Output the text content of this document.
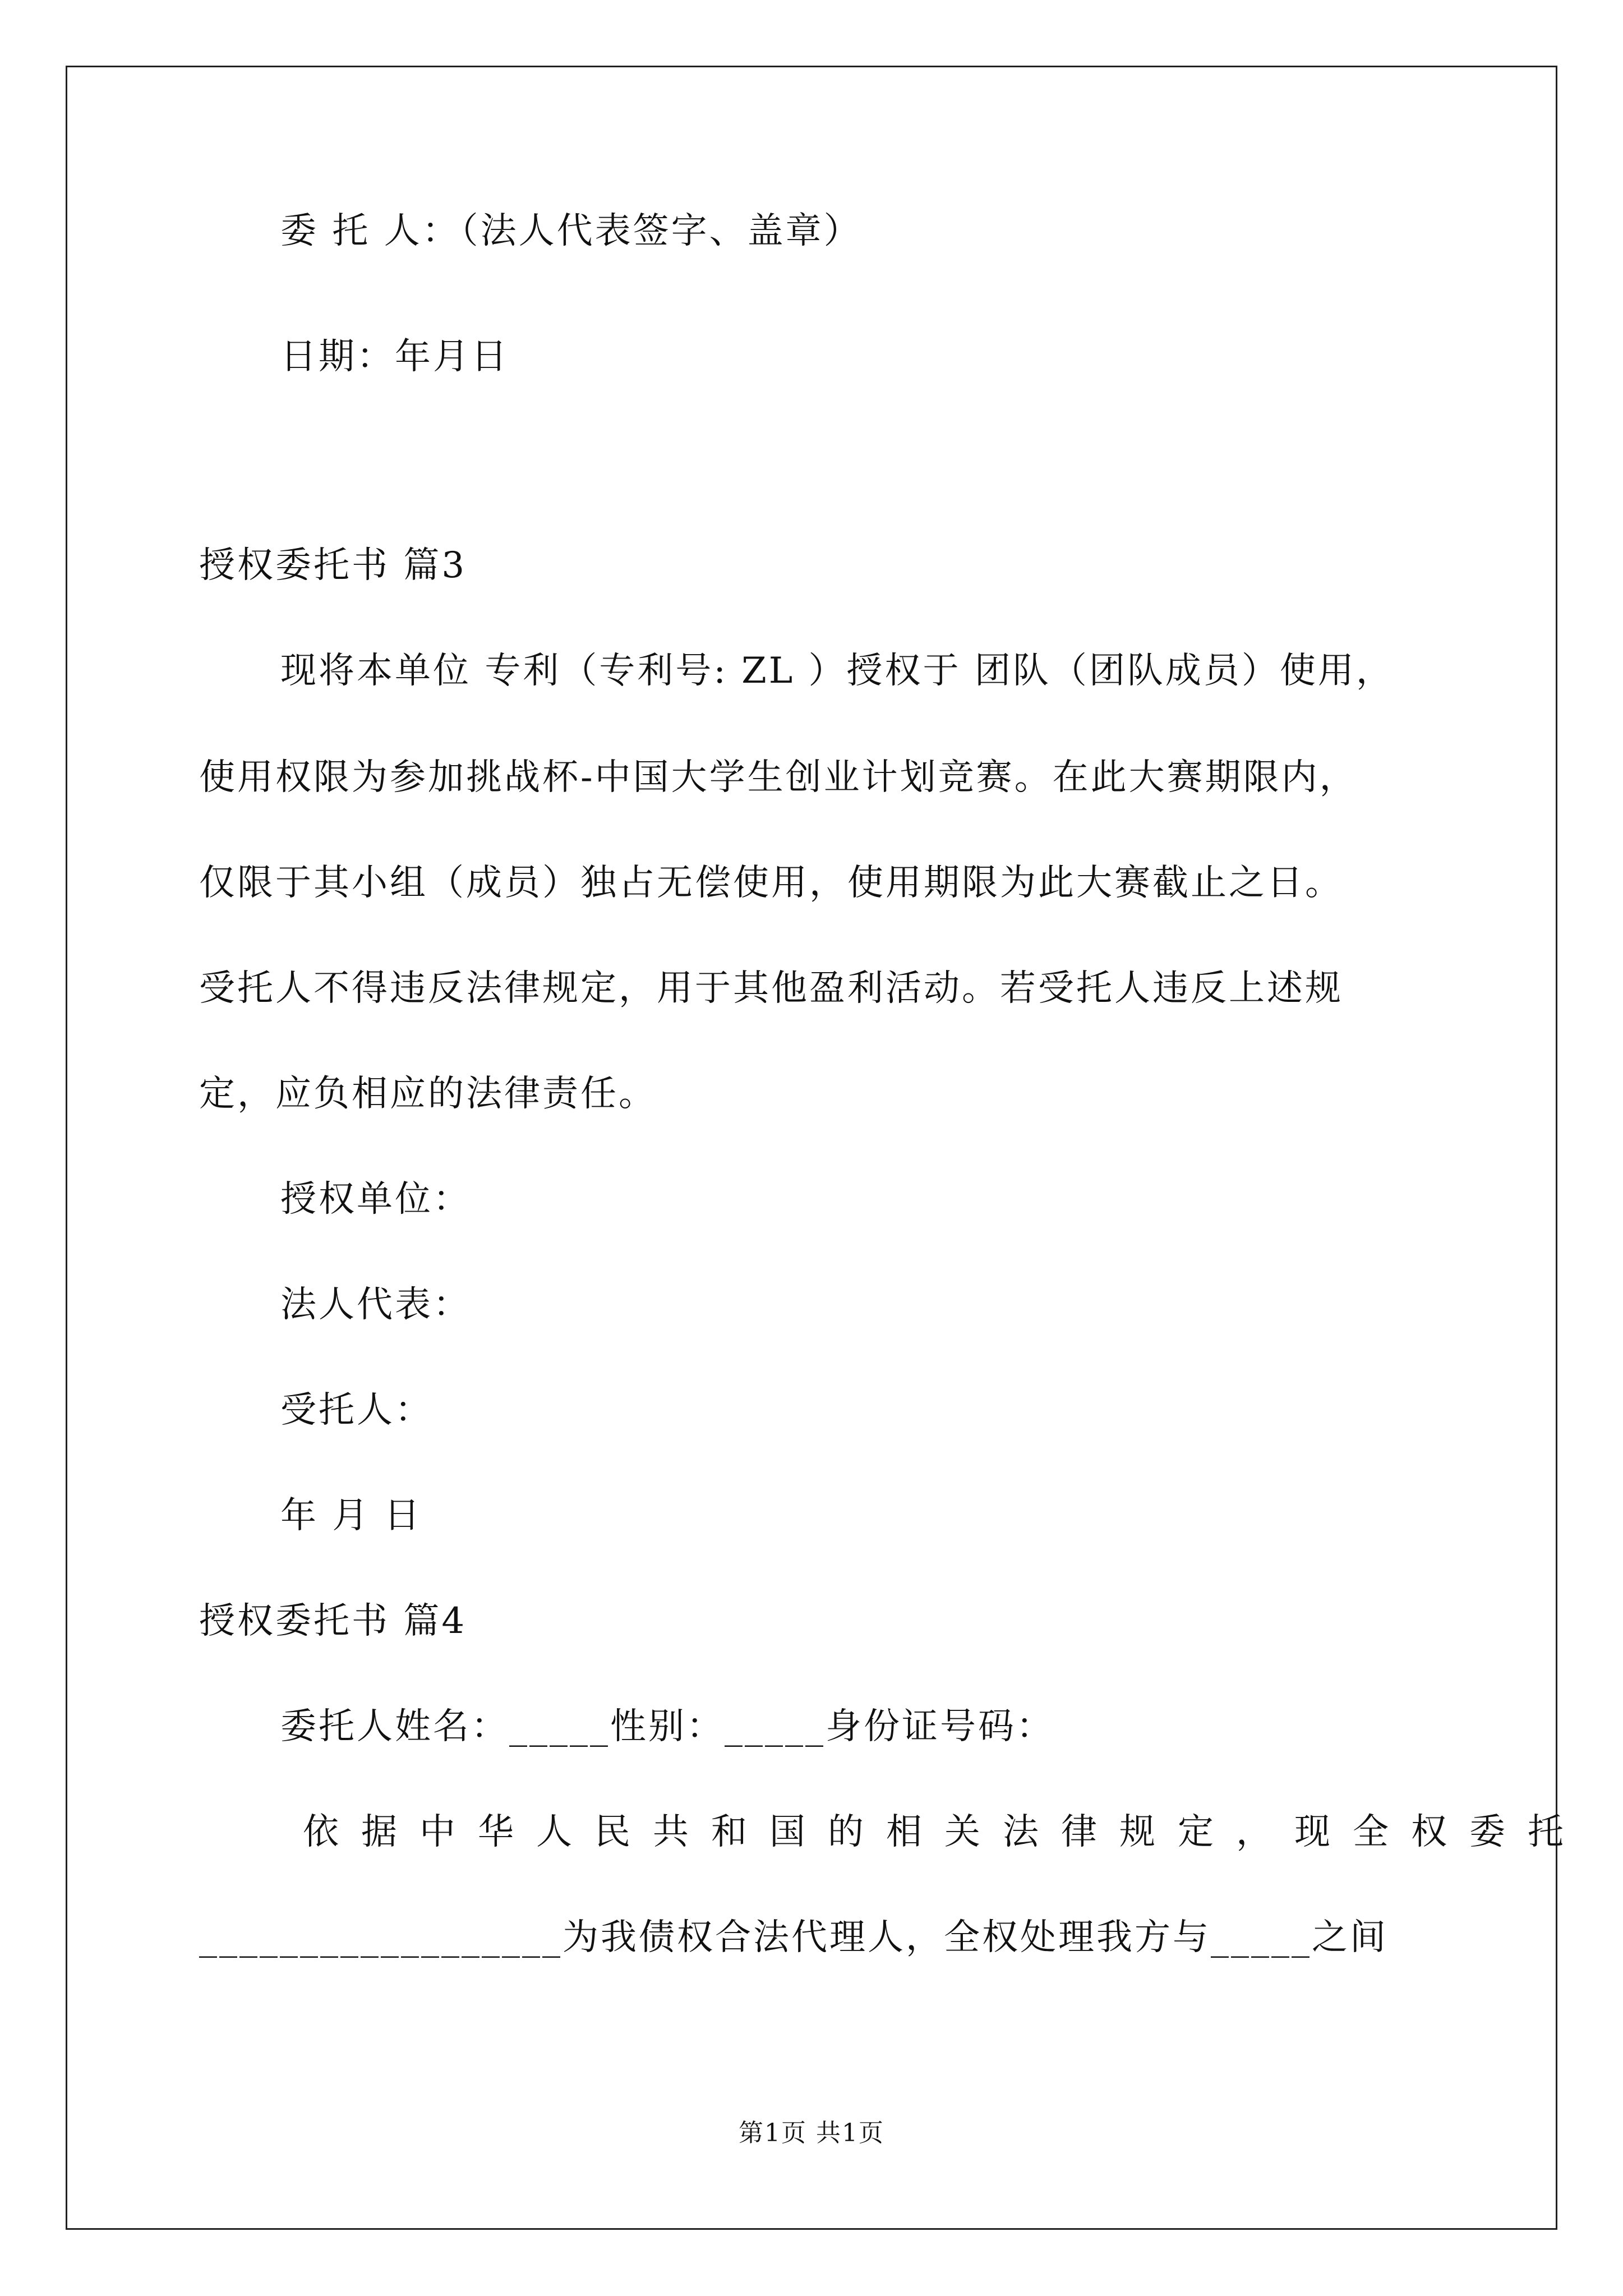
委 托 人：（法人代表签字、盖章）
日期：年月日
授权委托书 篇3
现将本单位 专利（专利号: ZL ）授权于 团队（团队成员）使用，
使用权限为参加挑战杯-中国大学生创业计划竞赛。在此大赛期限内，
仅限于其小组（成员）独占无偿使用，使用期限为此大赛截止之日。
受托人不得违反法律规定，用于其他盈利活动。若受托人违反上述规
定，应负相应的法律责任。
授权单位：
法人代表：
受托人：
年 月 日
授权委托书 篇4
委托人姓名：_____性别：_____身份证号码：
依据中华人民共和国的相关法律规定，现全权委托
__________________为我债权合法代理人，全权处理我方与_____之间
第1页 共1页
